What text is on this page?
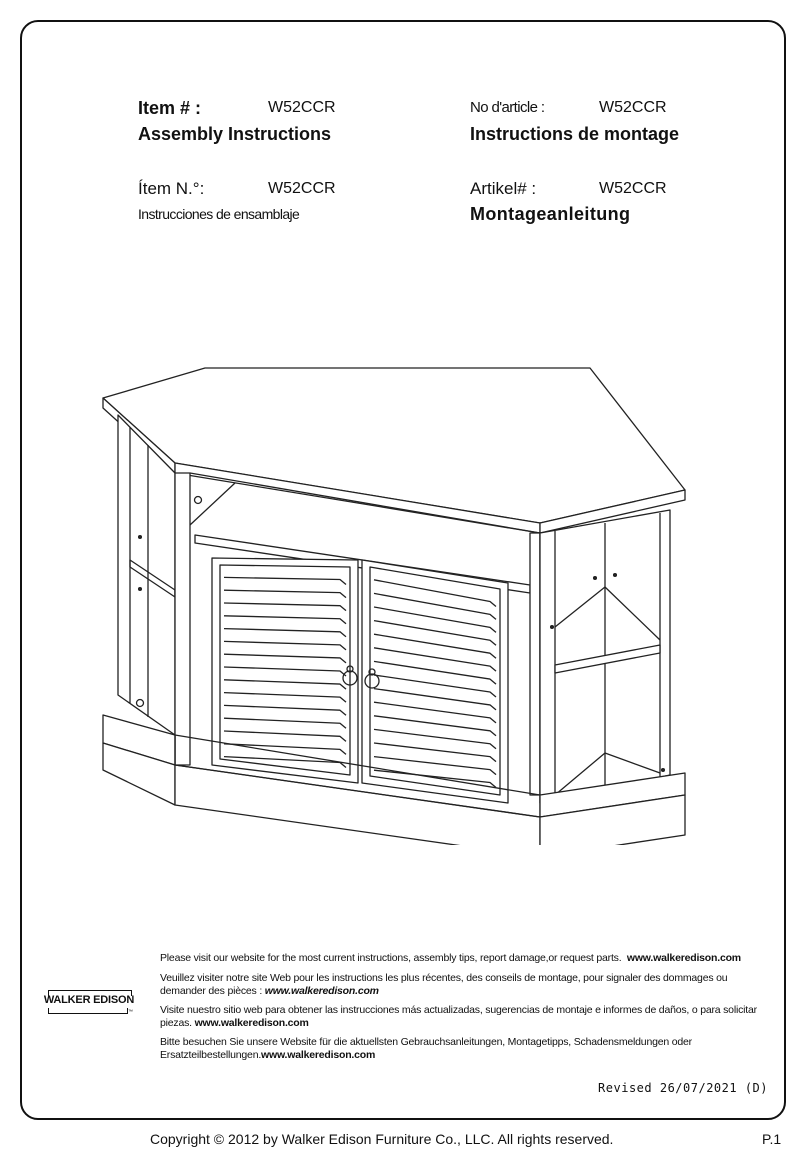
Item # :	W52CCR
Assembly Instructions
No d'article :	W52CCR
Instructions de montage
Ítem N.°:	W52CCR
Instrucciones de ensamblaje
Artikel# :	W52CCR
Montageanleitung
Please visit our website for the most current instructions, assembly tips, report damage,or request parts. www.walkeredison.com
Veuillez visiter notre site Web pour les instructions les plus récentes, des conseils de montage, pour signaler des dommages ou demander des pièces : www.walkeredison.com
Visite nuestro sitio web para obtener las instrucciones más actualizadas, sugerencias de montaje e informes de daños, o para solicitar piezas. www.walkeredison.com
Bitte besuchen Sie unsere Website für die aktuellsten Gebrauchsanleitungen, Montagetipps, Schadensmeldungen oder Ersatzteilbestellungen.www.walkeredison.com
WALKER EDISON
™
Revised 26/07/2021 (D)
Copyright © 2012 by Walker Edison Furniture Co., LLC. All rights reserved.	P.1
